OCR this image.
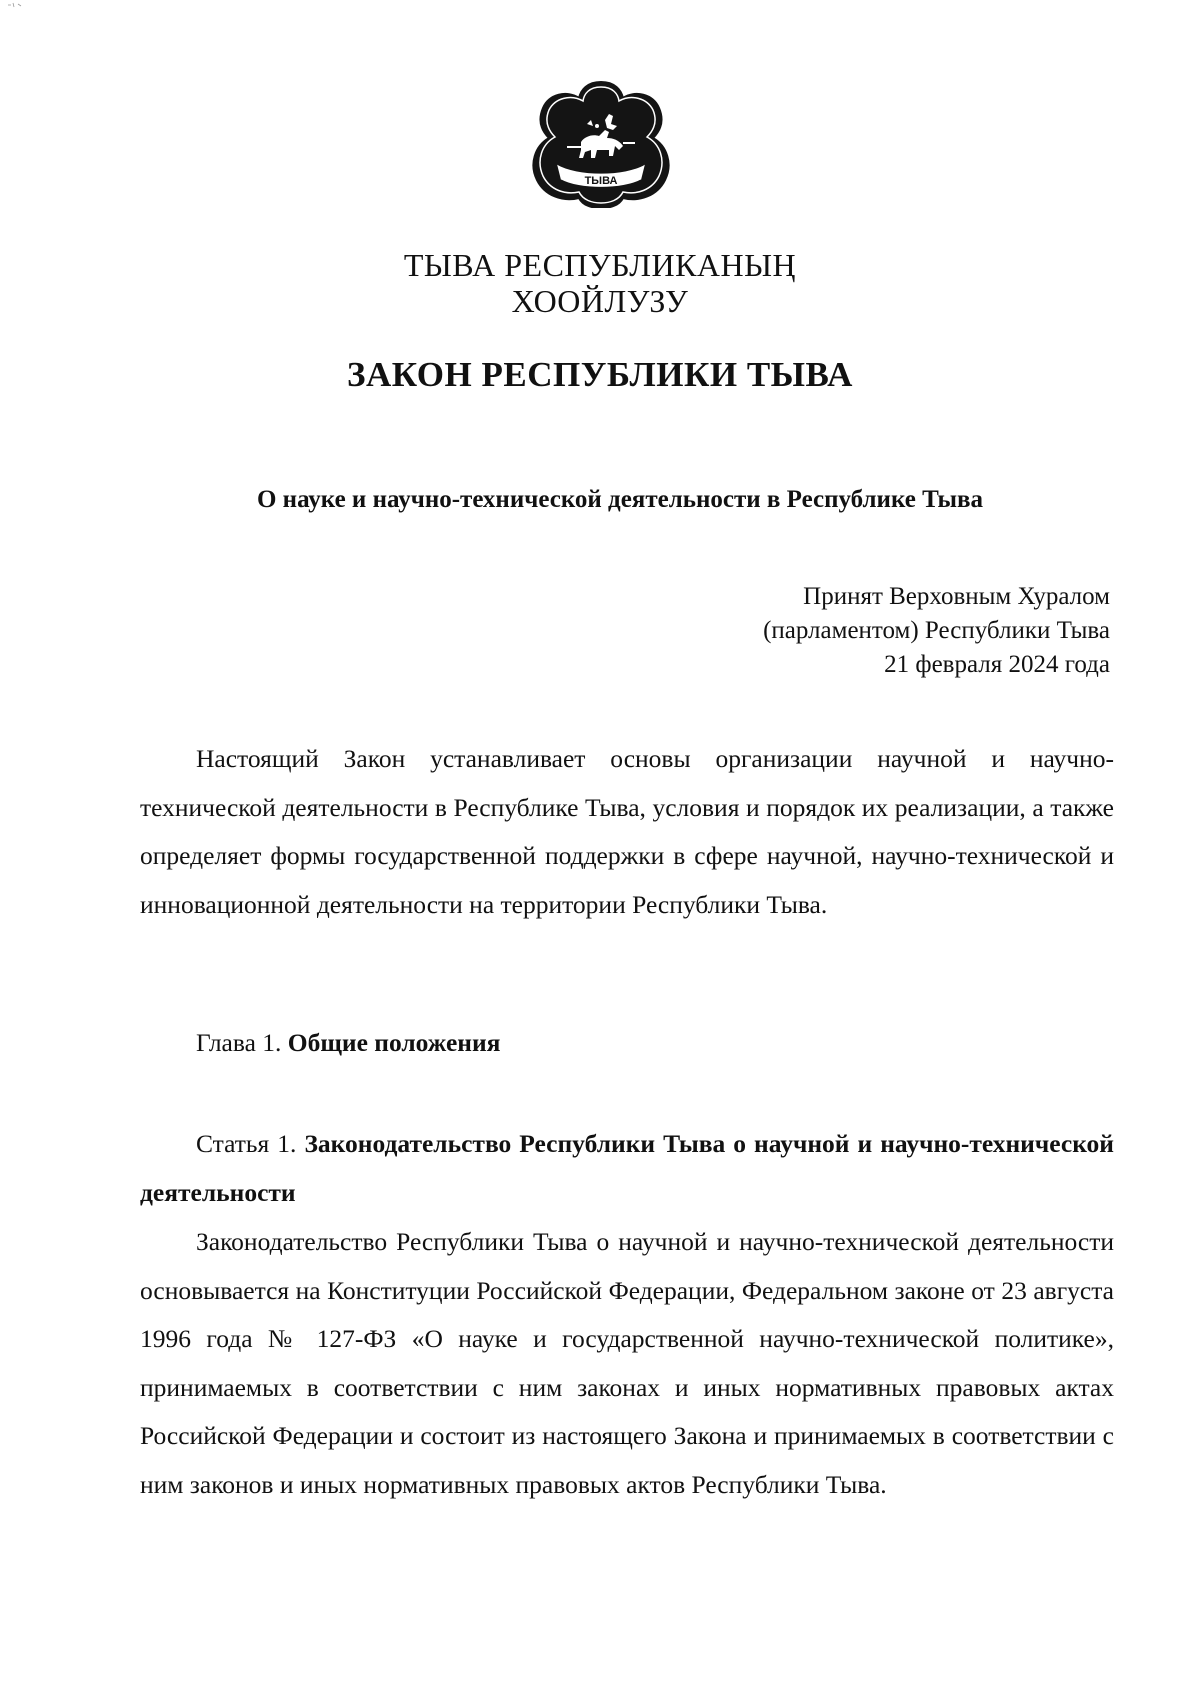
ТЫВА
ТЫВА РЕСПУБЛИКАНЫҢ
ХООЙЛУЗУ
ЗАКОН РЕСПУБЛИКИ ТЫВА
О науке и научно-технической деятельности в Республике Тыва
Принят Верховным Хуралом
(парламентом) Республики Тыва
21 февраля 2024 года

Настоящий Закон устанавливает основы организации научной и научно-технической деятельности в Республике Тыва, условия и порядок их реализации, а также определяет формы государственной поддержки в сфере научной, научно-технической и инновационной деятельности на территории Республики Тыва.

Глава 1. Общие положения

Статья 1. Законодательство Республики Тыва о научной и научно-технической деятельности

Законодательство Республики Тыва о научной и научно-технической деятельности основывается на Конституции Российской Федерации, Федеральном законе от 23 августа 1996 года № 127-ФЗ «О науке и государственной научно-технической политике», принимаемых в соответствии с ним законах и иных нормативных правовых актах Российской Федерации и состоит из настоящего Закона и принимаемых в соответствии с ним законов и иных нормативных правовых актов Республики Тыва.
